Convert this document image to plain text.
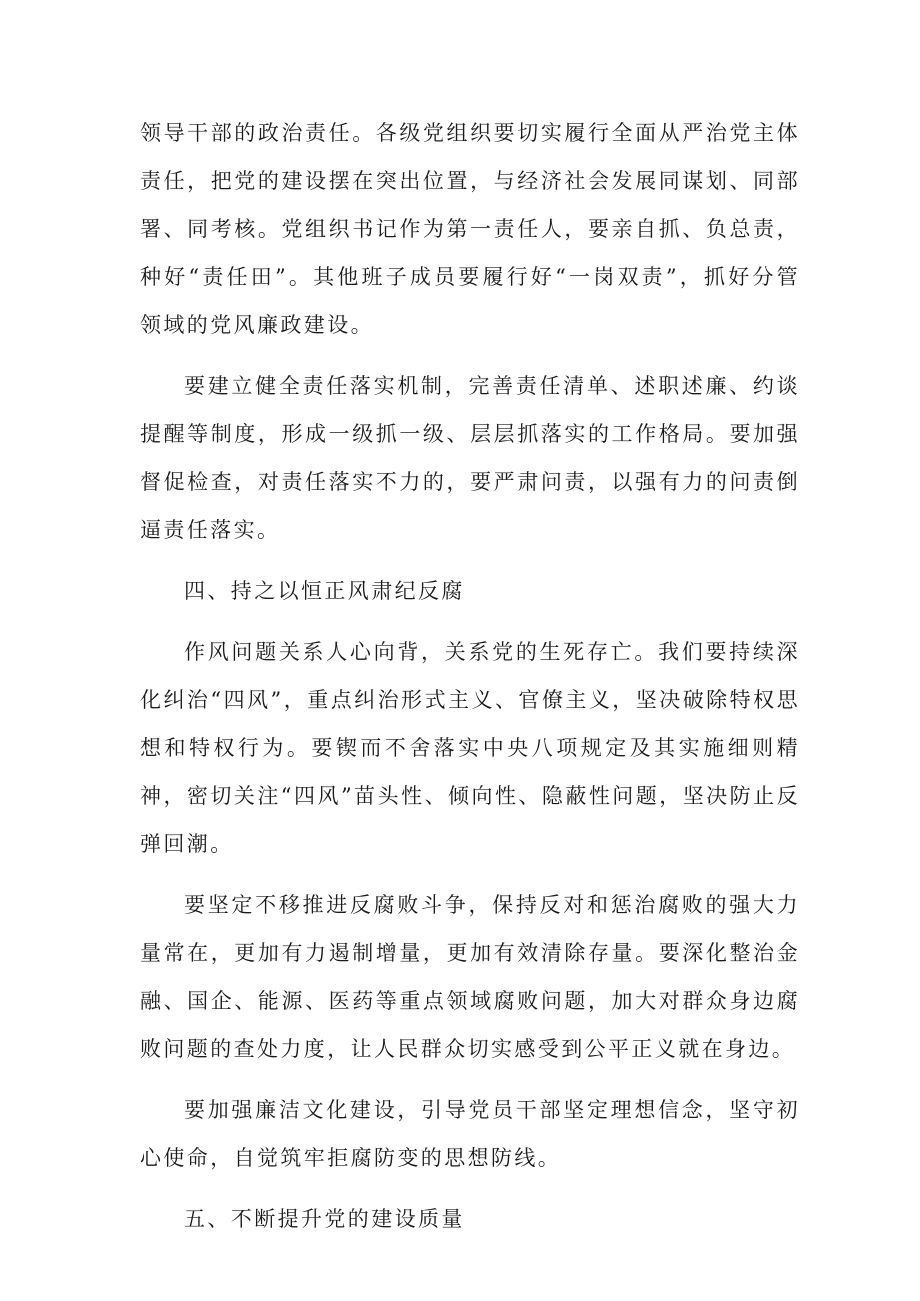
领导干部的政治责任。各级党组织要切实履行全面从严治党主体责任，把党的建设摆在突出位置，与经济社会发展同谋划、同部署、同考核。党组织书记作为第一责任人，要亲自抓、负总责，种好“责任田”。其他班子成员要履行好“一岗双责”，抓好分管领域的党风廉政建设。

要建立健全责任落实机制，完善责任清单、述职述廉、约谈提醒等制度，形成一级抓一级、层层抓落实的工作格局。要加强督促检查，对责任落实不力的，要严肃问责，以强有力的问责倒逼责任落实。

四、持之以恒正风肃纪反腐

作风问题关系人心向背，关系党的生死存亡。我们要持续深化纠治“四风”，重点纠治形式主义、官僚主义，坚决破除特权思想和特权行为。要锲而不舍落实中央八项规定及其实施细则精神，密切关注“四风”苗头性、倾向性、隐蔽性问题，坚决防止反弹回潮。

要坚定不移推进反腐败斗争，保持反对和惩治腐败的强大力量常在，更加有力遏制增量，更加有效清除存量。要深化整治金融、国企、能源、医药等重点领域腐败问题，加大对群众身边腐败问题的查处力度，让人民群众切实感受到公平正义就在身边。

要加强廉洁文化建设，引导党员干部坚定理想信念，坚守初心使命，自觉筑牢拒腐防变的思想防线。

五、不断提升党的建设质量
